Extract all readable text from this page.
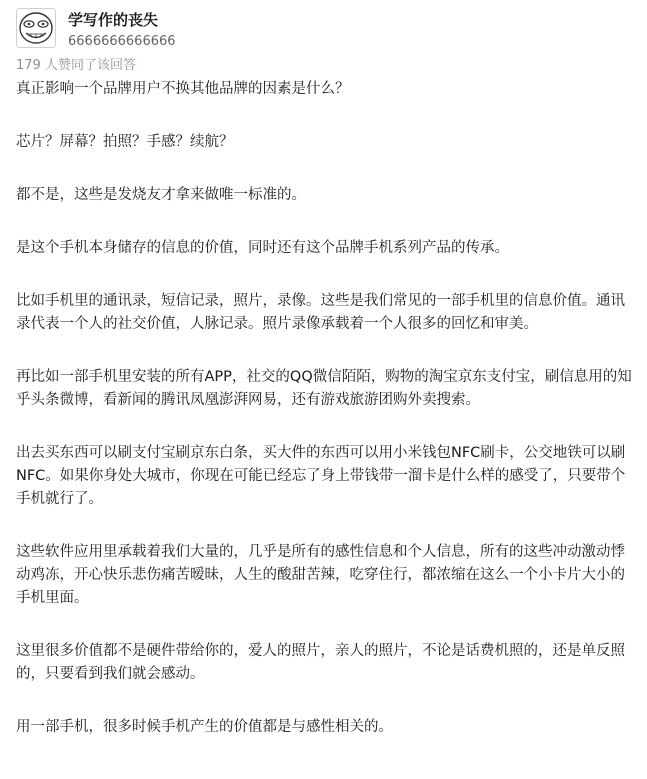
学写作的丧失
6666666666666
179 人赞同了该回答

真正影响一个品牌用户不换其他品牌的因素是什么？

芯片？屏幕？拍照？手感？续航？

都不是，这些是发烧友才拿来做唯一标准的。

是这个手机本身储存的信息的价值，同时还有这个品牌手机系列产品的传承。

比如手机里的通讯录，短信记录，照片，录像。这些是我们常见的一部手机里的信息价值。通讯录代表一个人的社交价值，人脉记录。照片录像承载着一个人很多的回忆和审美。

再比如一部手机里安装的所有APP，社交的QQ微信陌陌，购物的淘宝京东支付宝，刷信息用的知乎头条微博，看新闻的腾讯凤凰澎湃网易，还有游戏旅游团购外卖搜索。

出去买东西可以刷支付宝刷京东白条，买大件的东西可以用小米钱包NFC刷卡，公交地铁可以刷NFC。如果你身处大城市，你现在可能已经忘了身上带钱带一溜卡是什么样的感受了，只要带个手机就行了。

这些软件应用里承载着我们大量的，几乎是所有的感性信息和个人信息，所有的这些冲动激动悸动鸡冻，开心快乐悲伤痛苦暧昧，人生的酸甜苦辣，吃穿住行，都浓缩在这么一个小卡片大小的手机里面。

这里很多价值都不是硬件带给你的，爱人的照片，亲人的照片，不论是话费机照的，还是单反照的，只要看到我们就会感动。

用一部手机，很多时候手机产生的价值都是与感性相关的。
